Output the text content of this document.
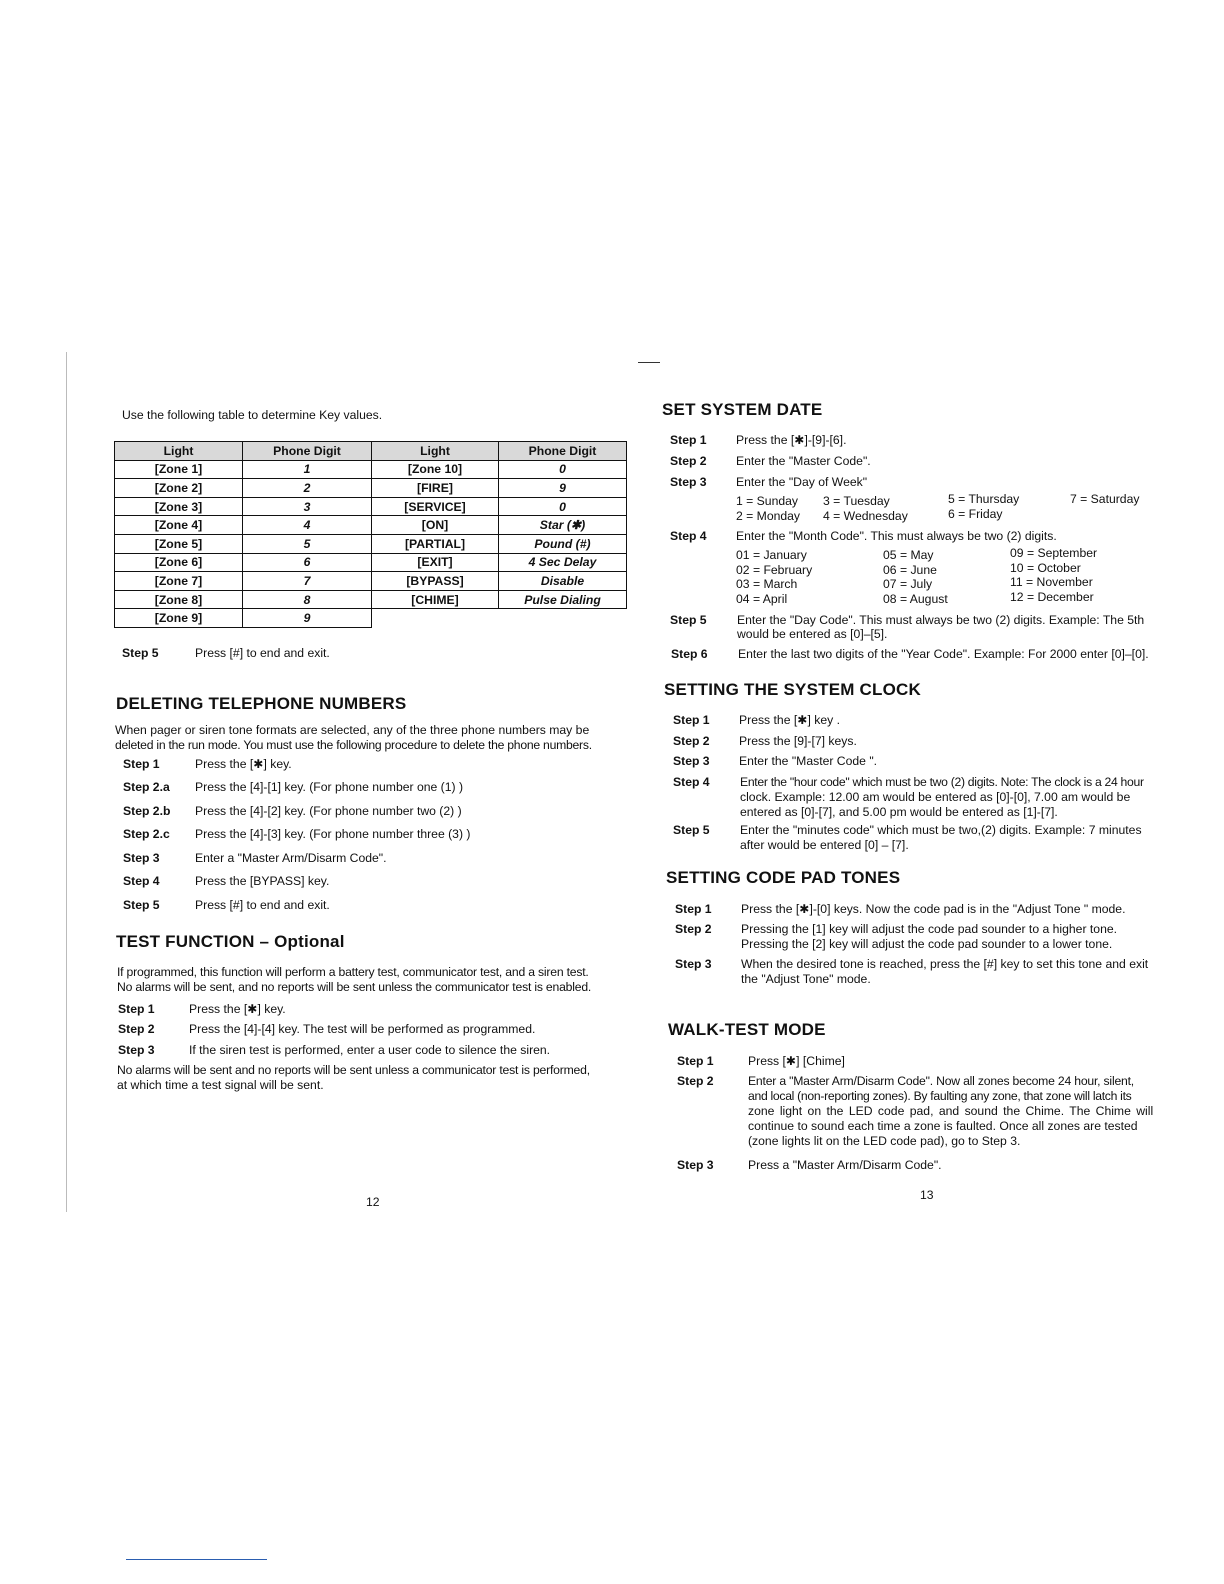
Use the following table to determine Key values.
Light	Phone Digit	Light	Phone Digit
[Zone 1]	1	[Zone 10]	0
[Zone 2]	2	[FIRE]	9
[Zone 3]	3	[SERVICE]	0
[Zone 4]	4	[ON]	Star (✱)
[Zone 5]	5	[PARTIAL]	Pound (#)
[Zone 6]	6	[EXIT]	4 Sec Delay
[Zone 7]	7	[BYPASS]	Disable
[Zone 8]	8	[CHIME]	Pulse Dialing
[Zone 9]	9		
Step 5	Press [#] to end and exit.
DELETING TELEPHONE NUMBERS
When pager or siren tone formats are selected, any of the three phone numbers may be
deleted in the run mode. You must use the following procedure to delete the phone numbers.
Step 1	Press the [✱] key.
Step 2.a Press the [4]-[1] key. (For phone number one (1) )
Step 2.b Press the [4]-[2] key. (For phone number two (2) )
Step 2.c Press the [4]-[3] key. (For phone number three (3) )
Step 3	Enter a "Master Arm/Disarm Code".
Step 4	Press the [BYPASS] key.
Step 5	Press [#] to end and exit.
TEST FUNCTION – Optional
If programmed, this function will perform a battery test, communicator test, and a siren test.
No alarms will be sent, and no reports will be sent unless the communicator test is enabled.
Step 1	Press the [✱] key.
Step 2	Press the [4]-[4] key. The test will be performed as programmed.
Step 3	If the siren test is performed, enter a user code to silence the siren.
No alarms will be sent and no reports will be sent unless a communicator test is performed,
at which time a test signal will be sent.
12
SET SYSTEM DATE
Step 1 Press the [✱]-[9]-[6].
Step 2 Enter the "Master Code".
Step 3 Enter the "Day of Week"
1 = Sunday
2 = Monday
3 = Tuesday
4 = Wednesday
5 = Thursday
6 = Friday
7 = Saturday
Step 4 Enter the "Month Code". This must always be two (2) digits.
01 = January
02 = February
03 = March
04 = April
05 = May
06 = June
07 = July
08 = August
09 = September
10 = October
11 = November
12 = December
Step 5 Enter the "Day Code". This must always be two (2) digits. Example: The 5th
would be entered as [0]–[5].
Step 6 Enter the last two digits of the "Year Code". Example: For 2000 enter [0]–[0].
SETTING THE SYSTEM CLOCK
Step 1 Press the [✱] key .
Step 2 Press the [9]-[7] keys.
Step 3 Enter the "Master Code ".
Step 4 Enter the "hour code" which must be two (2) digits. Note: The clock is a 24 hour
clock. Example: 12.00 am would be entered as [0]-[0], 7.00 am would be
entered as [0]-[7], and 5.00 pm would be entered as [1]-[7].
Step 5 Enter the "minutes code" which must be two,(2) digits. Example: 7 minutes
after would be entered [0] – [7].
SETTING CODE PAD TONES
Step 1 Press the [✱]-[0] keys. Now the code pad is in the "Adjust Tone " mode.
Step 2 Pressing the [1] key will adjust the code pad sounder to a higher tone.
Pressing the [2] key will adjust the code pad sounder to a lower tone.
Step 3 When the desired tone is reached, press the [#] key to set this tone and exit
the "Adjust Tone" mode.
WALK-TEST MODE
Step 1	Press [✱] [Chime]
Step 2	Enter a "Master Arm/Disarm Code". Now all zones become 24 hour, silent,
and local (non-reporting zones). By faulting any zone, that zone will latch its
zone light on the LED code pad, and sound the Chime. The Chime will
continue to sound each time a zone is faulted. Once all zones are tested
(zone lights lit on the LED code pad), go to Step 3.
Step 3	Press a "Master Arm/Disarm Code".
13
